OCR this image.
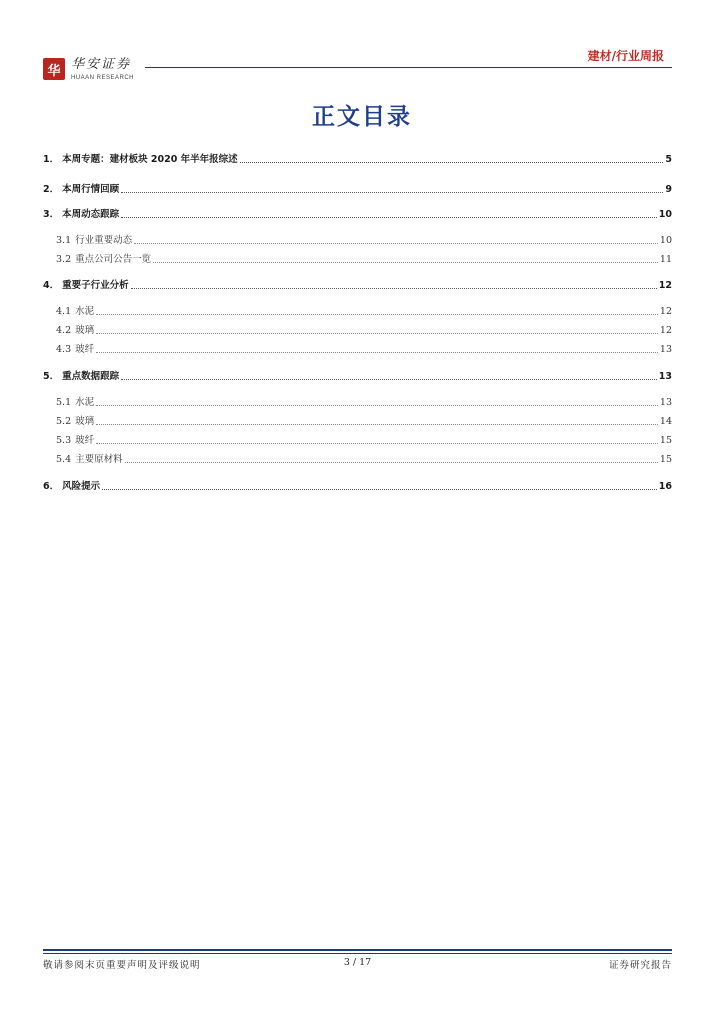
华 华安证券
HUAAN RESEARCH
建材/行业周报
正文目录
1． 本周专题：建材板块 2020 年半年报综述	5
2． 本周行情回顾	9
3． 本周动态跟踪	10
3.1 行业重要动态	10
3.2 重点公司公告一览	11
4． 重要子行业分析	12
4.1 水泥	12
4.2 玻璃	12
4.3 玻纤	13
5． 重点数据跟踪	13
5.1 水泥	13
5.2 玻璃	14
5.3 玻纤	15
5.4 主要原材料	15
6． 风险提示	16
敬请参阅末页重要声明及评级说明	3 / 17	证券研究报告
